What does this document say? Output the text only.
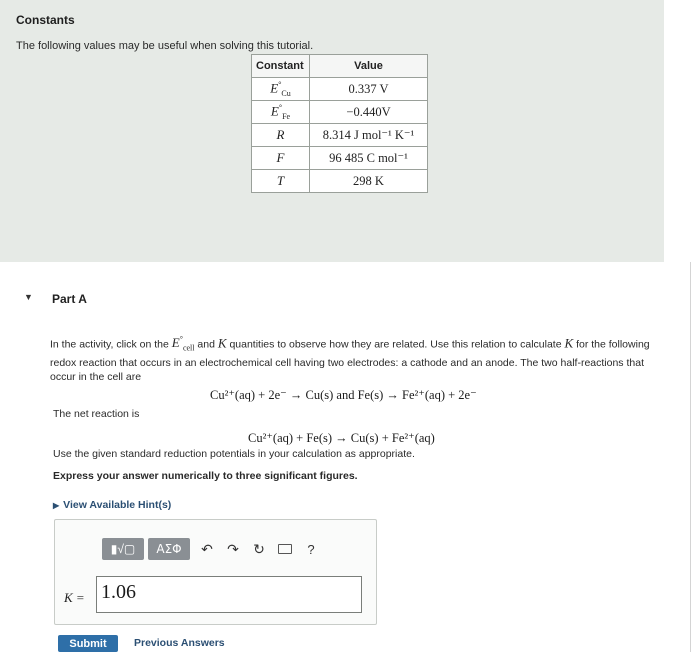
Constants
The following values may be useful when solving this tutorial.
Constant	Value
$E^\circ_{Cu}$	0.337 V
$E^\circ_{Fe}$	−0.440V
R	8.314 J mol⁻¹ K⁻¹
F	96 485 C mol⁻¹
T	298 K
▼ Part A
In the activity, click on the $E^\circ_{cell}$ and K quantities to observe how they are related. Use this relation to calculate K for the following redox reaction that occurs in an electrochemical cell having two electrodes: a cathode and an anode. The two half-reactions that occur in the cell are
Cu²⁺(aq) + 2e⁻ → Cu(s) and Fe(s) → Fe²⁺(aq) + 2e⁻
The net reaction is
Cu²⁺(aq) + Fe(s) → Cu(s) + Fe²⁺(aq)
Use the given standard reduction potentials in your calculation as appropriate.
Express your answer numerically to three significant figures.
▶ View Available Hint(s)
▮√▢	ΑΣΦ	↶	↷	↻	?
K = 1.06
Submit	Previous Answers
